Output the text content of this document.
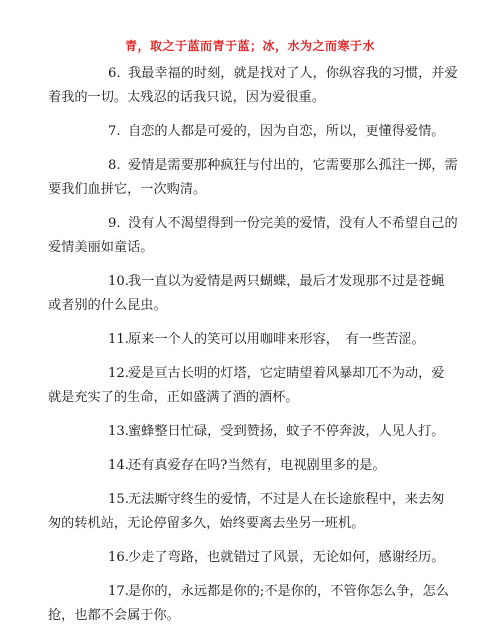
青，取之于蓝而青于蓝；冰，水为之而寒于水
6. 我最幸福的时刻，就是找对了人，你纵容我的习惯，并爱
着我的一切。太残忍的话我只说，因为爱很重。
7. 自恋的人都是可爱的，因为自恋，所以，更懂得爱情。
8. 爱情是需要那种疯狂与付出的，它需要那么孤注一掷，需
要我们血拼它，一次购清。
9. 没有人不渴望得到一份完美的爱情，没有人不希望自己的
爱情美丽如童话。
10. 我一直以为爱情是两只蝴蝶，最后才发现那不过是苍蝇
或者别的什么昆虫。
11. 原来一个人的笑可以用咖啡来形容，　有一些苦涩。
12. 爱是亘古长明的灯塔，它定睛望着风暴却兀不为动，爱
就是充实了的生命，正如盛满了酒的酒杯。
13. 蜜蜂整日忙碌，受到赞扬，蚊子不停奔波，人见人打。
14. 还有真爱存在吗?当然有，电视剧里多的是。
15. 无法厮守终生的爱情，不过是人在长途旅程中，来去匆
匆的转机站，无论停留多久，始终要离去坐另一班机。
16. 少走了弯路，也就错过了风景，无论如何，感谢经历。
17. 是你的，永远都是你的;不是你的，不管你怎么争，怎么
抢，也都不会属于你。
